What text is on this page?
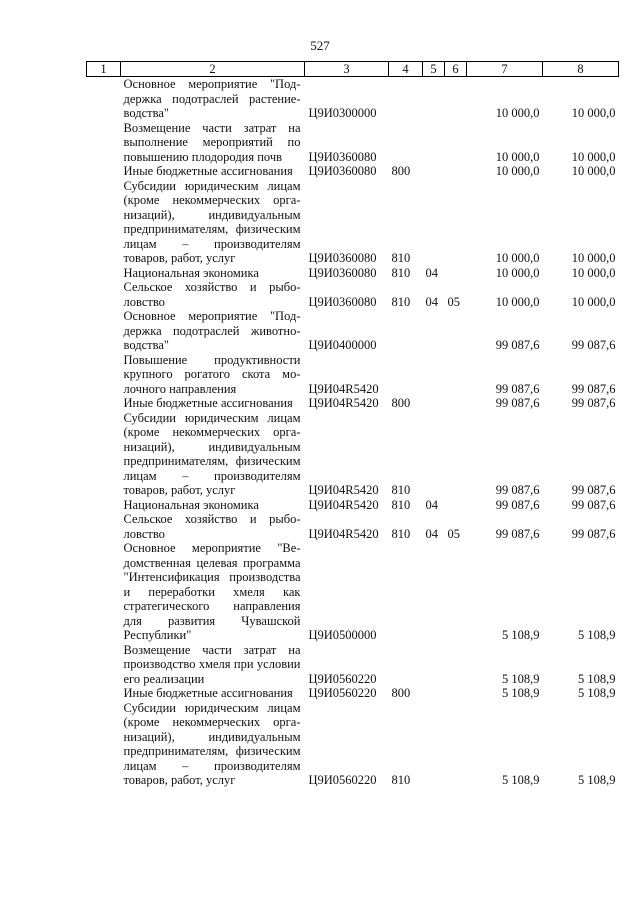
527
1	2	3	4	5	6	7	8
	Основное мероприятие "Поддержка подотраслей растениеводства"	Ц9И0300000				10 000,0	10 000,0
	Возмещение части затрат на выполнение мероприятий по повышению плодородия почв	Ц9И0360080				10 000,0	10 000,0
	Иные бюджетные ассигнования	Ц9И0360080	800			10 000,0	10 000,0
	Субсидии юридическим лицам (кроме некоммерческих организаций), индивидуальным предпринимателям, физическим лицам – производителям товаров, работ, услуг	Ц9И0360080	810			10 000,0	10 000,0
	Национальная экономика	Ц9И0360080	810	04		10 000,0	10 000,0
	Сельское хозяйство и рыболовство	Ц9И0360080	810	04	05	10 000,0	10 000,0
	Основное мероприятие "Поддержка подотраслей животноводства"	Ц9И0400000				99 087,6	99 087,6
	Повышение продуктивности крупного рогатого скота молочного направления	Ц9И04R5420				99 087,6	99 087,6
	Иные бюджетные ассигнования	Ц9И04R5420	800			99 087,6	99 087,6
	Субсидии юридическим лицам (кроме некоммерческих организаций), индивидуальным предпринимателям, физическим лицам – производителям товаров, работ, услуг	Ц9И04R5420	810			99 087,6	99 087,6
	Национальная экономика	Ц9И04R5420	810	04		99 087,6	99 087,6
	Сельское хозяйство и рыболовство	Ц9И04R5420	810	04	05	99 087,6	99 087,6
	Основное мероприятие "Ведомственная целевая программа "Интенсификация производства и переработки хмеля как стратегического направления для развития Чувашской Республики"	Ц9И0500000				5 108,9	5 108,9
	Возмещение части затрат на производство хмеля при условии его реализации	Ц9И0560220				5 108,9	5 108,9
	Иные бюджетные ассигнования	Ц9И0560220	800			5 108,9	5 108,9
	Субсидии юридическим лицам (кроме некоммерческих организаций), индивидуальным предпринимателям, физическим лицам – производителям товаров, работ, услуг	Ц9И0560220	810			5 108,9	5 108,9
